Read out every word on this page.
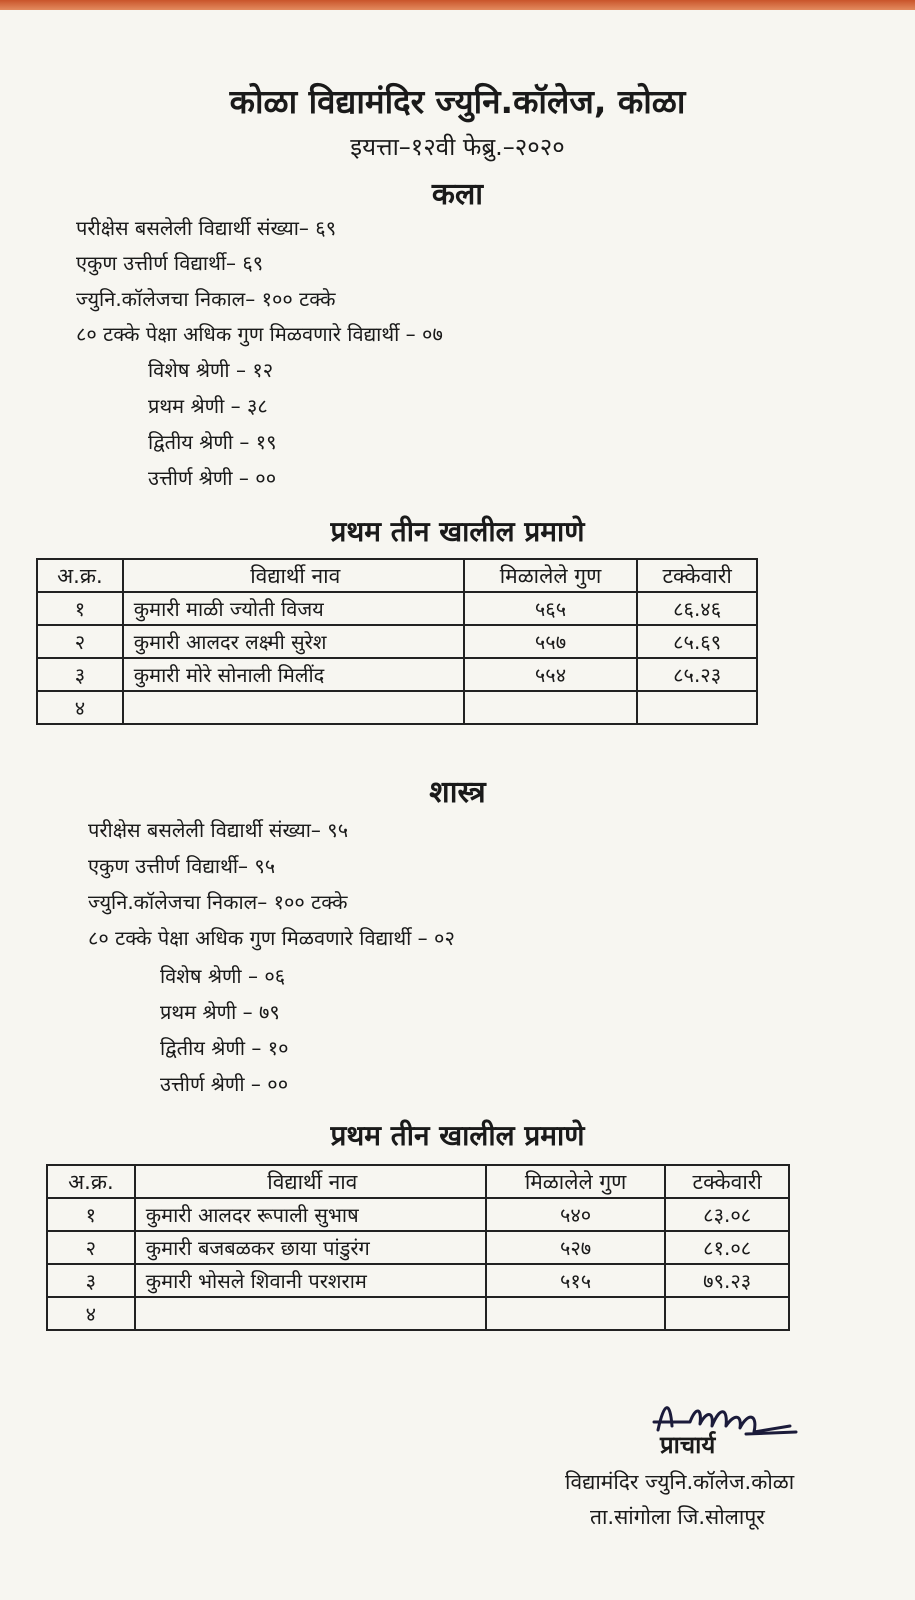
कोळा विद्यामंदिर ज्युनि.कॉलेज, कोळा
इयत्ता–१२वी फेब्रु.–२०२०
कला
परीक्षेस बसलेली विद्यार्थी संख्या– ६९
एकुण उत्तीर्ण विद्यार्थी– ६९
ज्युनि.कॉलेजचा निकाल– १०० टक्के
८० टक्के पेक्षा अधिक गुण मिळवणारे विद्यार्थी – ०७
विशेष श्रेणी – १२
प्रथम श्रेणी – ३८
द्वितीय श्रेणी – १९
उत्तीर्ण श्रेणी – ००
प्रथम तीन खालील प्रमाणे
अ.क्र.	विद्यार्थी नाव	मिळालेले गुण	टक्केवारी
१	कुमारी माळी ज्योती विजय	५६५	८६.४६
२	कुमारी आलदर लक्ष्मी सुरेश	५५७	८५.६९
३	कुमारी मोरे सोनाली मिलींद	५५४	८५.२३
४			
शास्त्र
परीक्षेस बसलेली विद्यार्थी संख्या– ९५
एकुण उत्तीर्ण विद्यार्थी– ९५
ज्युनि.कॉलेजचा निकाल– १०० टक्के
८० टक्के पेक्षा अधिक गुण मिळवणारे विद्यार्थी – ०२
विशेष श्रेणी – ०६
प्रथम श्रेणी – ७९
द्वितीय श्रेणी – १०
उत्तीर्ण श्रेणी – ००
प्रथम तीन खालील प्रमाणे
अ.क्र.	विद्यार्थी नाव	मिळालेले गुण	टक्केवारी
१	कुमारी आलदर रूपाली सुभाष	५४०	८३.०८
२	कुमारी बजबळकर छाया पांडुरंग	५२७	८१.०८
३	कुमारी भोसले शिवानी परशराम	५१५	७९.२३
४			
प्राचार्य
विद्यामंदिर ज्युनि.कॉलेज.कोळा
ता.सांगोला जि.सोलापूर
